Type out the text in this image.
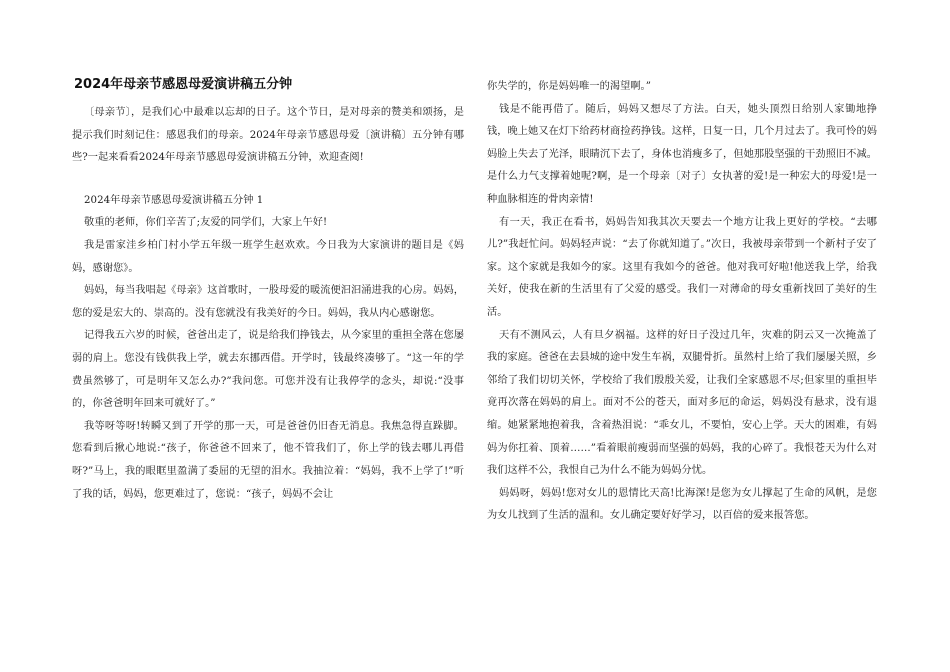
2024年母亲节感恩母爱演讲稿五分钟

〔母亲节〕，是我们心中最难以忘却的日子。这个节日，是对母亲的赞美和颂扬，是提示我们时刻记住：感恩我们的母亲。2024年母亲节感恩母爱〔演讲稿〕五分钟有哪些?一起来看看2024年母亲节感恩母爱演讲稿五分钟，欢迎查阅!

2024年母亲节感恩母爱演讲稿五分钟 1

敬重的老师，你们辛苦了;友爱的同学们，大家上午好!

我是雷家洼乡柏门村小学五年级一班学生赵欢欢。今日我为大家演讲的题目是《妈妈，感谢您》。

妈妈，每当我唱起《母亲》这首歌时，一股母爱的暖流便汩汩涌进我的心房。妈妈，您的爱是宏大的、崇高的。没有您就没有我美好的今日。妈妈，我从内心感谢您。

记得我五六岁的时候，爸爸出走了，说是给我们挣钱去，从今家里的重担全落在您屡弱的肩上。您没有钱供我上学，就去东挪西借。开学时，钱最终凑够了。“这一年的学费虽然够了，可是明年又怎么办?”我问您。可您并没有让我停学的念头，却说:“没事的，你爸爸明年回来可就好了。”

我等呀等呀!转瞬又到了开学的那一天，可是爸爸仍旧杳无消息。我焦急得直跺脚。您看到后揪心地说:“孩子，你爸爸不回来了，他不管我们了，你上学的钱去哪儿再借呀?”马上，我的眼眶里盈满了委屈的无望的泪水。我抽泣着：“妈妈，我不上学了!”听了我的话，妈妈，您更难过了，您说：“孩子，妈妈不会让

你失学的，你是妈妈唯一的渴望啊。”

钱是不能再借了。随后，妈妈又想尽了方法。白天，她头顶烈日给别人家锄地挣钱，晚上她又在灯下给药材商捡药挣钱。这样，日复一日，几个月过去了。我可怜的妈妈脸上失去了光泽，眼睛沉下去了，身体也消瘦多了，但她那股坚强的干劲照旧不减。是什么力气支撑着她呢?啊，是一个母亲〔对子〕女执著的爱!是一种宏大的母爱!是一种血脉相连的骨肉亲情!

有一天，我正在看书，妈妈告知我其次天要去一个地方让我上更好的学校。“去哪儿?”我赶忙问。妈妈轻声说：“去了你就知道了。”次日，我被母亲带到一个新村子安了家。这个家就是我如今的家。这里有我如今的爸爸。他对我可好啦!他送我上学，给我关好，使我在新的生活里有了父爱的感受。我们一对薄命的母女重新找回了美好的生活。

天有不测风云，人有旦夕祸福。这样的好日子没过几年，灾难的阴云又一次掩盖了我的家庭。爸爸在去县城的途中发生车祸，双腿骨折。虽然村上给了我们屡屡关照，乡邻给了我们切切关怀，学校给了我们殷殷关爱，让我们全家感恩不尽;但家里的重担毕竟再次落在妈妈的肩上。面对不公的苍天，面对多厄的命运，妈妈没有悬求，没有退缩。她紧紧地抱着我，含着热泪说：“乖女儿，不要怕，安心上学。天大的困难，有妈妈为你扛着、顶着……”看着眼前瘦弱而坚强的妈妈，我的心碎了。我恨苍天为什么对我们这样不公，我恨自己为什么不能为妈妈分忧。

妈妈呀，妈妈!您对女儿的恩情比天高!比海深!是您为女儿撑起了生命的风帆，是您为女儿找到了生活的温和。女儿确定要好好学习，以百倍的爱来报答您。
